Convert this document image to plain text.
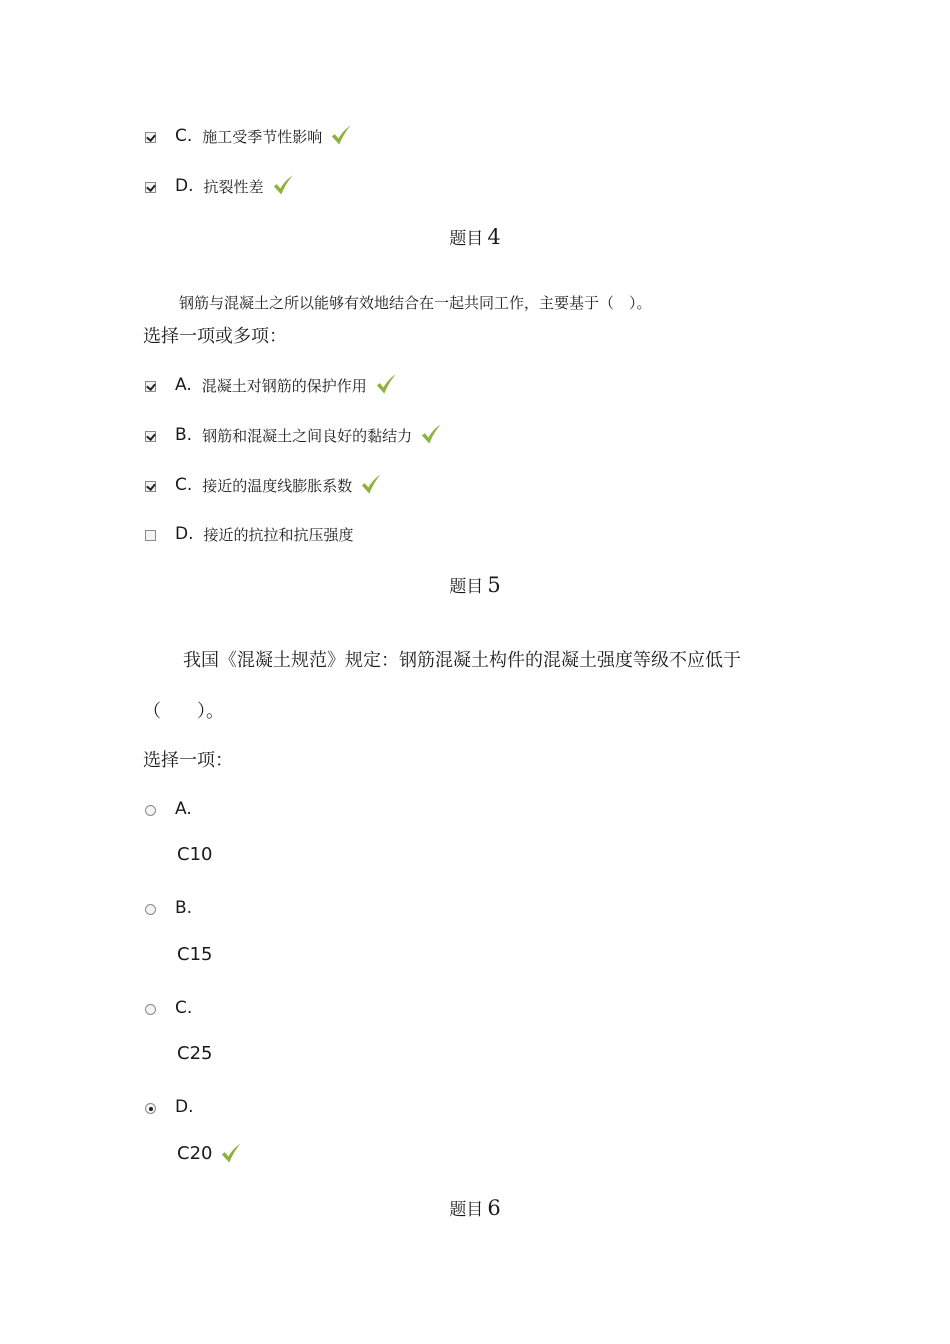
C. 施工受季节性影响
D. 抗裂性差
题目 4
钢筋与混凝土之所以能够有效地结合在一起共同工作，主要基于（　）。
选择一项或多项：
A. 混凝土对钢筋的保护作用
B. 钢筋和混凝土之间良好的黏结力
C. 接近的温度线膨胀系数
D. 接近的抗拉和抗压强度
题目 5
我国《混凝土规范》规定：钢筋混凝土构件的混凝土强度等级不应低于
（　　）。
选择一项：
A.
C10
B.
C15
C.
C25
D.
C20
题目 6
